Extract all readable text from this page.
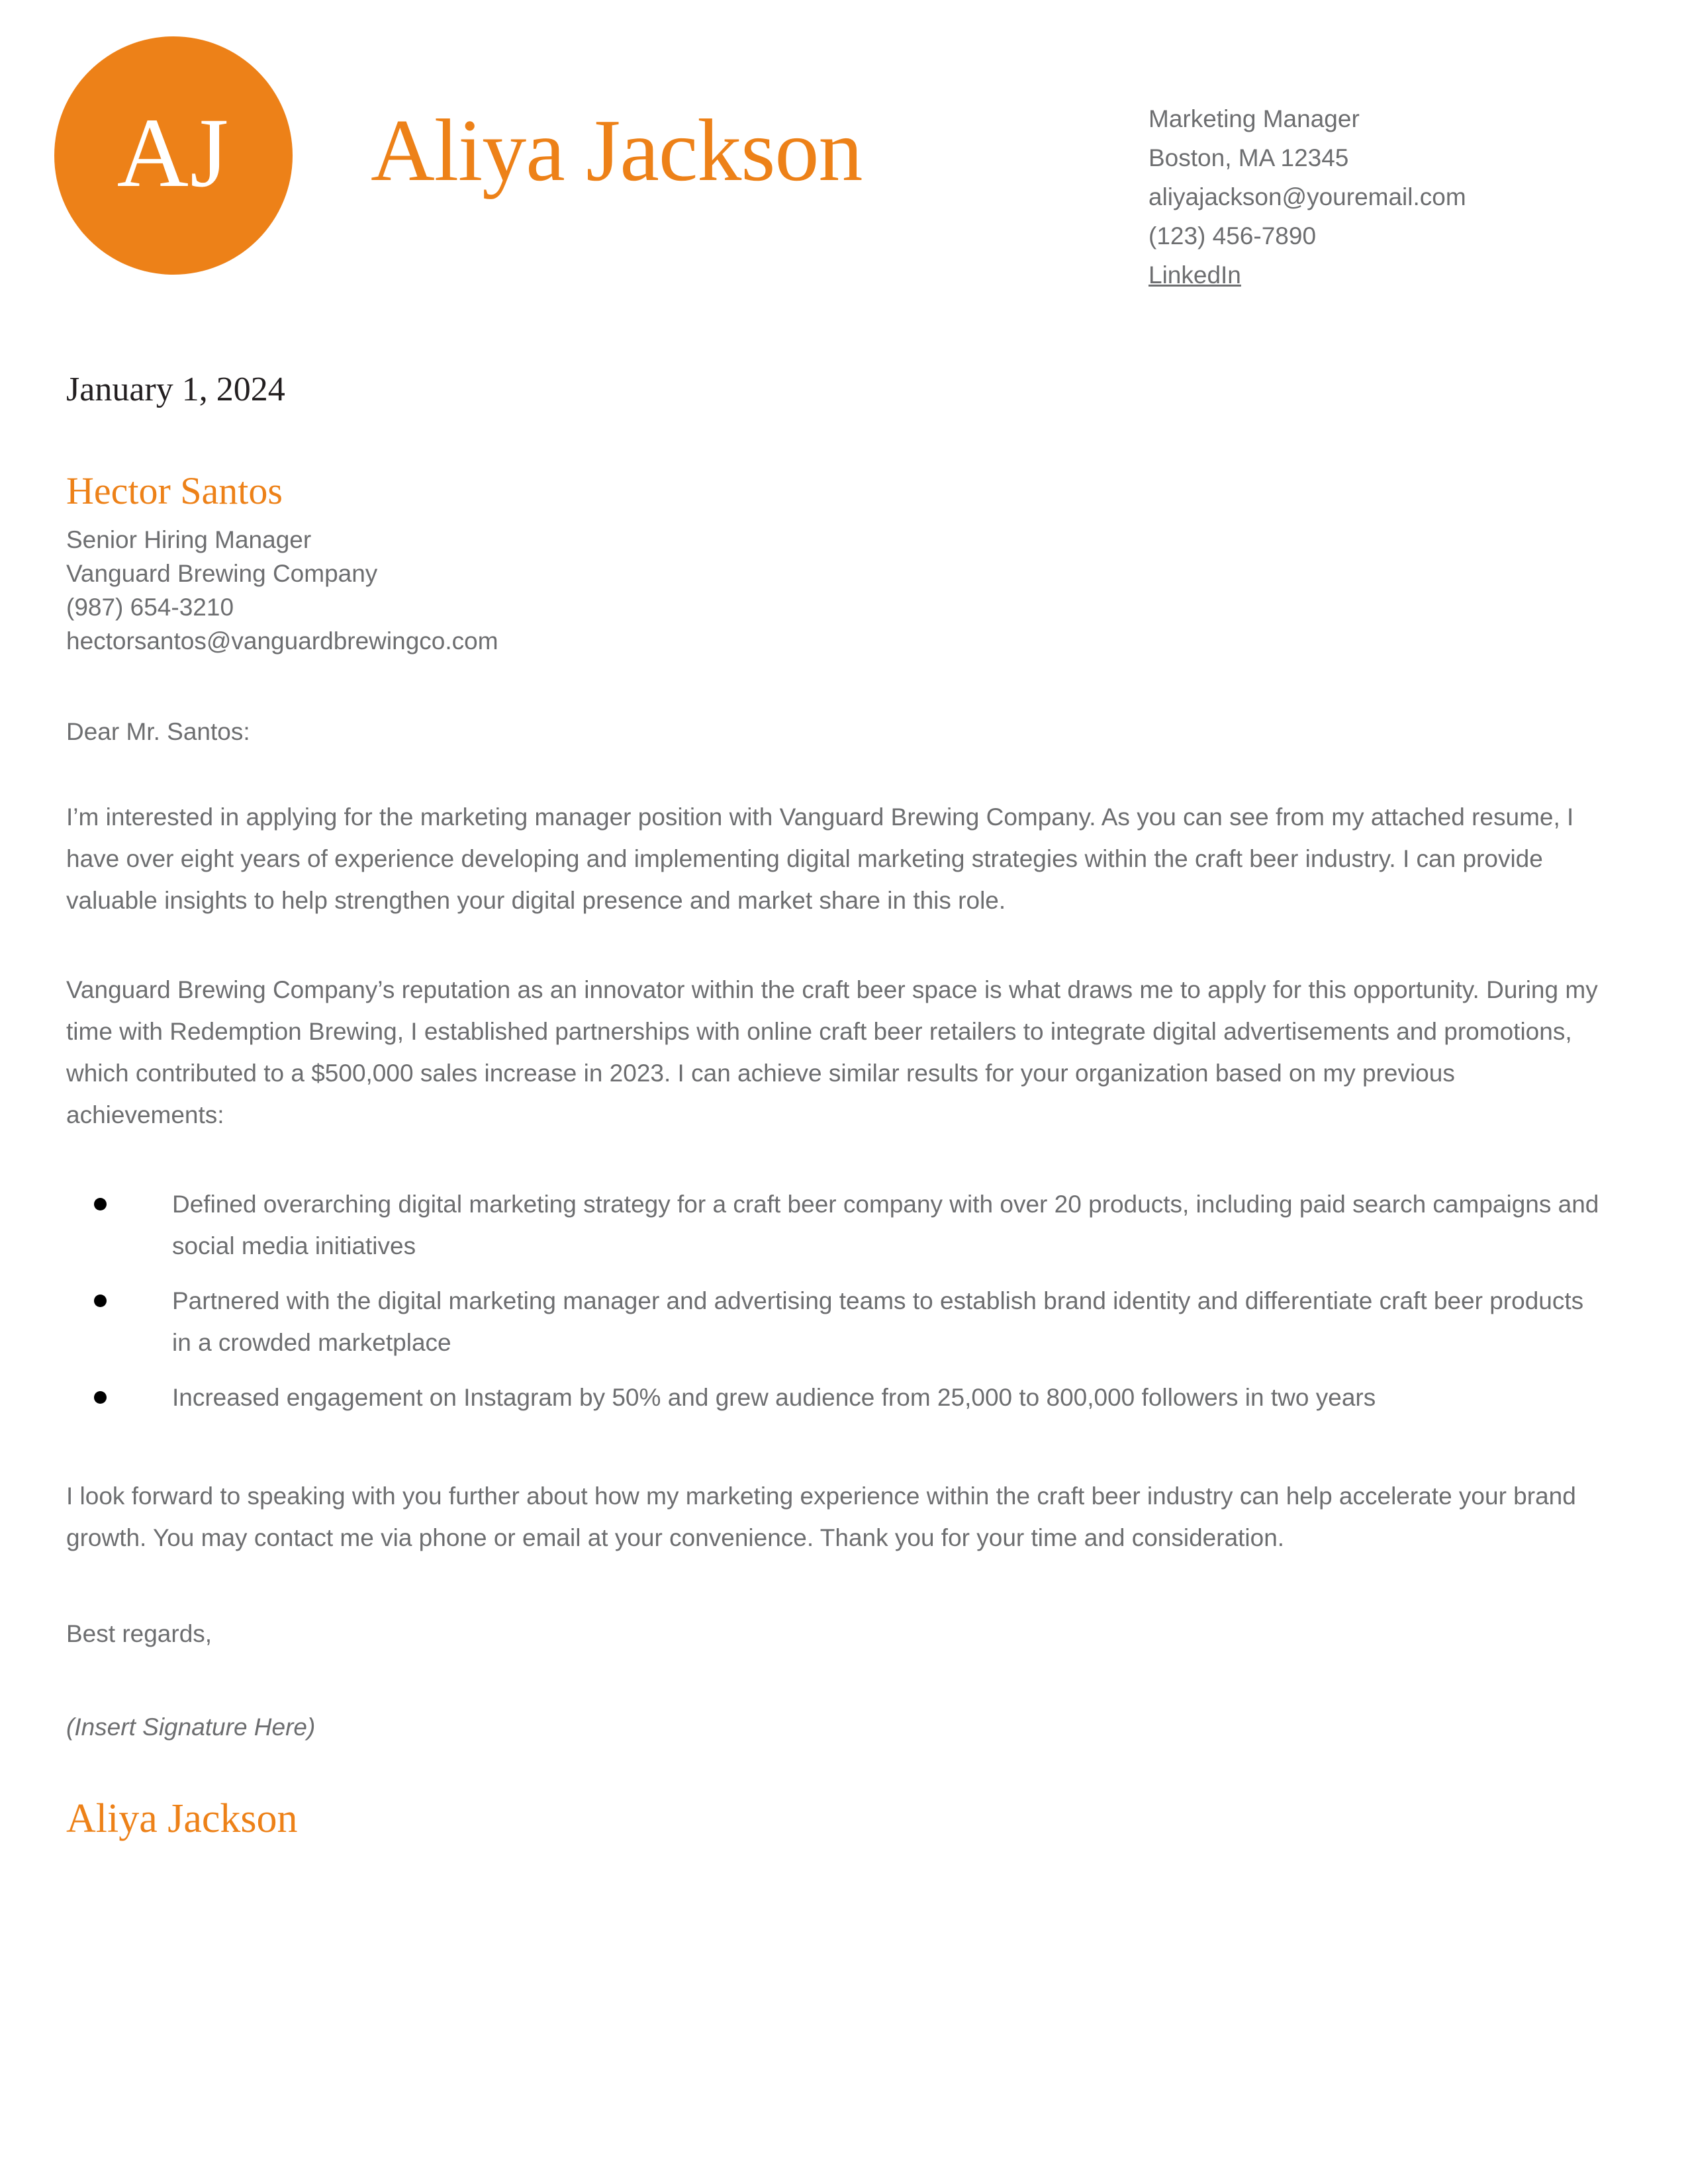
AJ Aliya Jackson	Marketing Manager
Boston, MA 12345
aliyajackson@youremail.com
(123) 456-7890
LinkedIn
January 1, 2024
Hector Santos
Senior Hiring Manager
Vanguard Brewing Company
(987) 654-3210
hectorsantos@vanguardbrewingco.com
Dear Mr. Santos:
I’m interested in applying for the marketing manager position with Vanguard Brewing Company. As you can see from my attached resume, I have over eight years of experience developing and implementing digital marketing strategies within the craft beer industry. I can provide valuable insights to help strengthen your digital presence and market share in this role.
Vanguard Brewing Company’s reputation as an innovator within the craft beer space is what draws me to apply for this opportunity. During my time with Redemption Brewing, I established partnerships with online craft beer retailers to integrate digital advertisements and promotions, which contributed to a $500,000 sales increase in 2023. I can achieve similar results for your organization based on my previous achievements:
Defined overarching digital marketing strategy for a craft beer company with over 20 products, including paid search campaigns and social media initiatives
Partnered with the digital marketing manager and advertising teams to establish brand identity and differentiate craft beer products in a crowded marketplace
Increased engagement on Instagram by 50% and grew audience from 25,000 to 800,000 followers in two years
I look forward to speaking with you further about how my marketing experience within the craft beer industry can help accelerate your brand growth. You may contact me via phone or email at your convenience. Thank you for your time and consideration.
Best regards,
(Insert Signature Here)
Aliya Jackson
